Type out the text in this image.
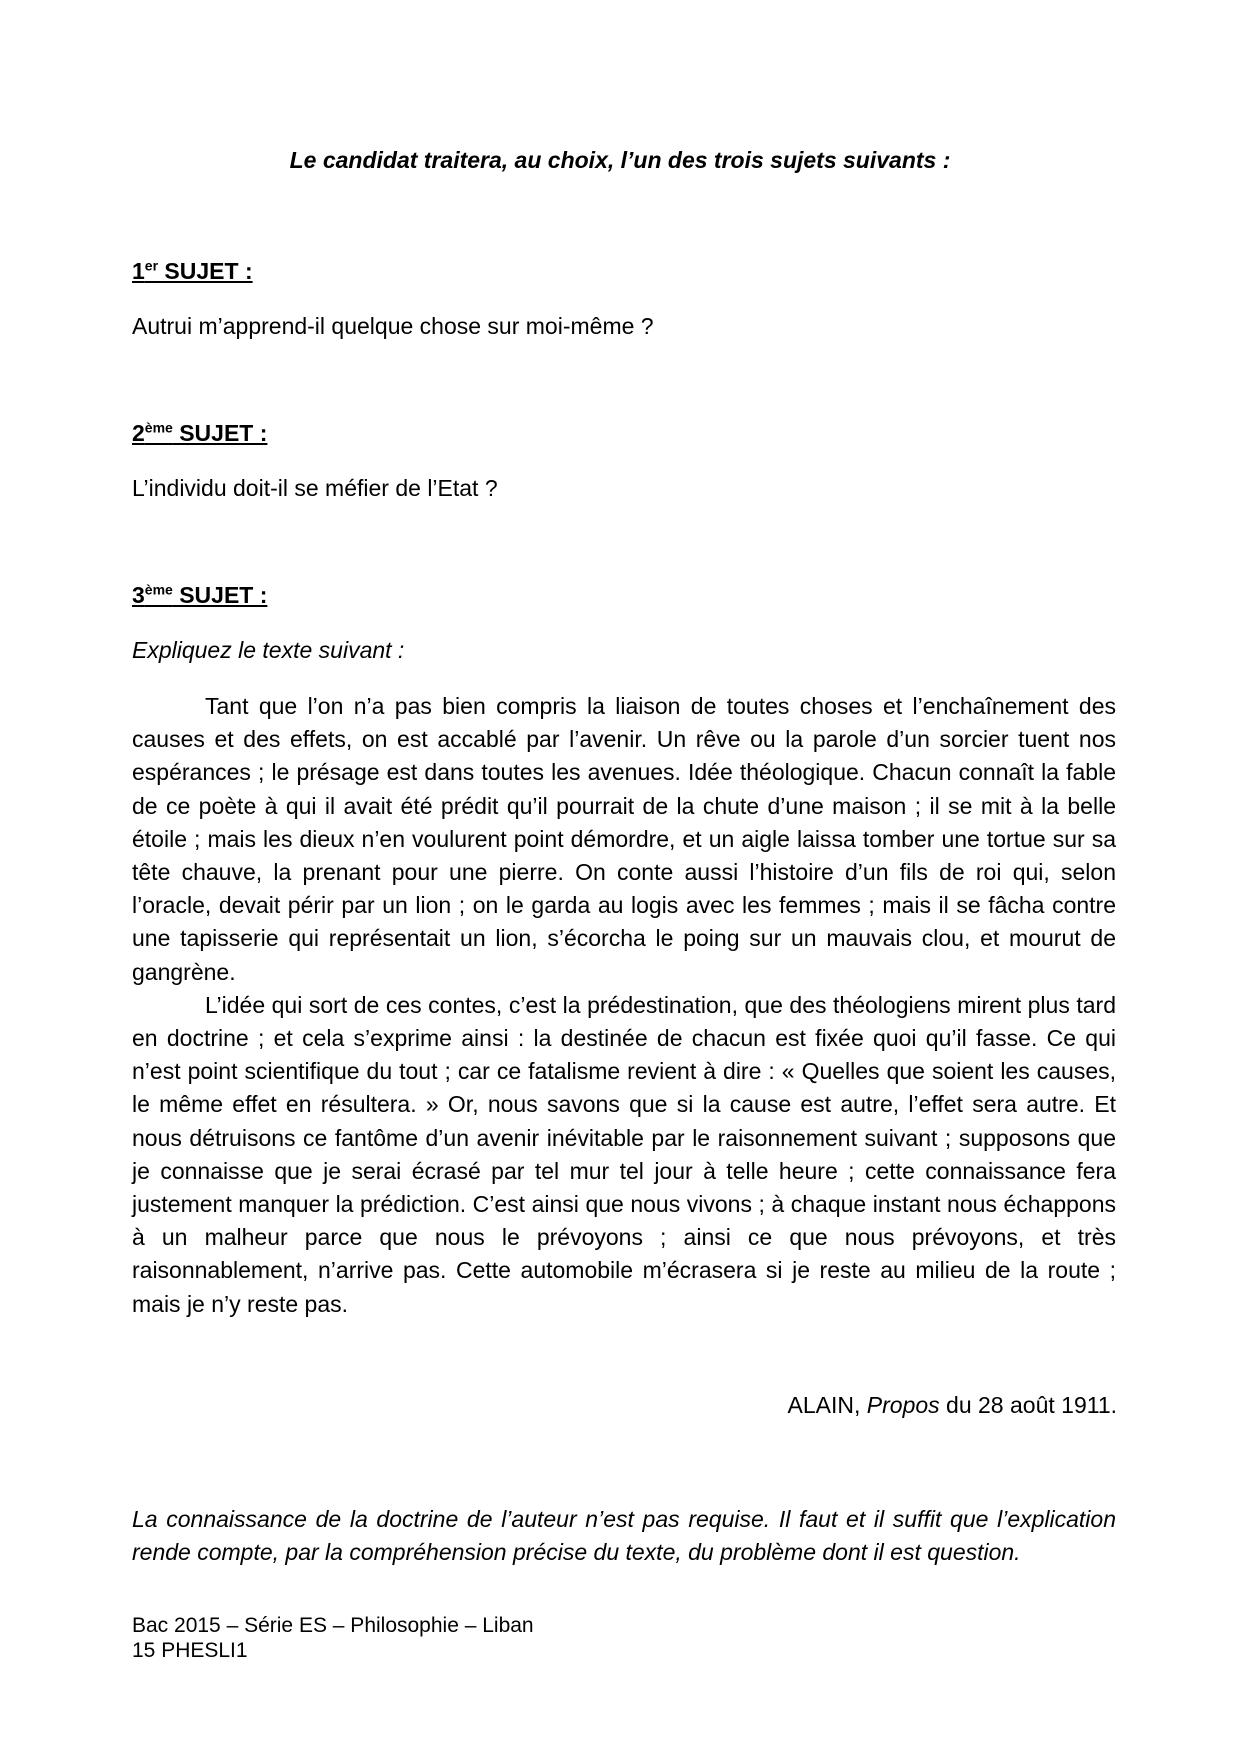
Le candidat traitera, au choix, l’un des trois sujets suivants :

1er SUJET :

Autrui m’apprend-il quelque chose sur moi-même ?

2ème SUJET :

L’individu doit-il se méfier de l’Etat ?

3ème SUJET :

Expliquez le texte suivant :

Tant que l’on n’a pas bien compris la liaison de toutes choses et l’enchaînement des causes et des effets, on est accablé par l’avenir. Un rêve ou la parole d’un sorcier tuent nos espérances ; le présage est dans toutes les avenues. Idée théologique. Chacun connaît la fable de ce poète à qui il avait été prédit qu’il pourrait de la chute d’une maison ; il se mit à la belle étoile ; mais les dieux n’en voulurent point démordre, et un aigle laissa tomber une tortue sur sa tête chauve, la prenant pour une pierre. On conte aussi l’histoire d’un fils de roi qui, selon l’oracle, devait périr par un lion ; on le garda au logis avec les femmes ; mais il se fâcha contre une tapisserie qui représentait un lion, s’écorcha le poing sur un mauvais clou, et mourut de gangrène.

L’idée qui sort de ces contes, c’est la prédestination, que des théologiens mirent plus tard en doctrine ; et cela s’exprime ainsi : la destinée de chacun est fixée quoi qu’il fasse. Ce qui n’est point scientifique du tout ; car ce fatalisme revient à dire : « Quelles que soient les causes, le même effet en résultera. » Or, nous savons que si la cause est autre, l’effet sera autre. Et nous détruisons ce fantôme d’un avenir inévitable par le raisonnement suivant ; supposons que je connaisse que je serai écrasé par tel mur tel jour à telle heure ; cette connaissance fera justement manquer la prédiction. C’est ainsi que nous vivons ; à chaque instant nous échappons à un malheur parce que nous le prévoyons ; ainsi ce que nous prévoyons, et très raisonnablement, n’arrive pas. Cette automobile m’écrasera si je reste au milieu de la route ; mais je n’y reste pas.

ALAIN, Propos du 28 août 1911.

La connaissance de la doctrine de l’auteur n’est pas requise. Il faut et il suffit que l’explication rende compte, par la compréhension précise du texte, du problème dont il est question.

Bac 2015 – Série ES – Philosophie – Liban
15 PHESLI1
